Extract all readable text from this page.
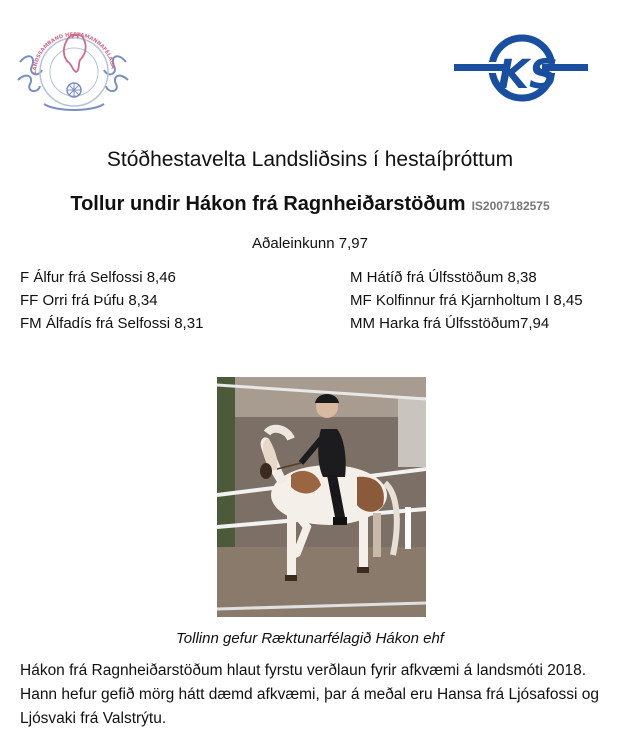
LANDSSAMBAND HESTAMANNAFÉLAGA	KS
Stóðhestavelta Landsliðsins í hestaíþróttum
Tollur undir Hákon frá Ragnheiðarstöðum IS2007182575
Aðaleinkunn 7,97
F Álfur frá Selfossi 8,46
FF Orri frá Þúfu 8,34
FM Álfadís frá Selfossi 8,31
M Hátíð frá Úlfsstöðum 8,38
MF Kolfinnur frá Kjarnholtum I 8,45
MM Harka frá Úlfsstöðum7,94
Tollinn gefur Ræktunarfélagið Hákon ehf
Hákon frá Ragnheiðarstöðum hlaut fyrstu verðlaun fyrir afkvæmi á landsmóti 2018. Hann hefur gefið mörg hátt dæmd afkvæmi, þar á meðal eru Hansa frá Ljósafossi og Ljósvaki frá Valstrýtu.
